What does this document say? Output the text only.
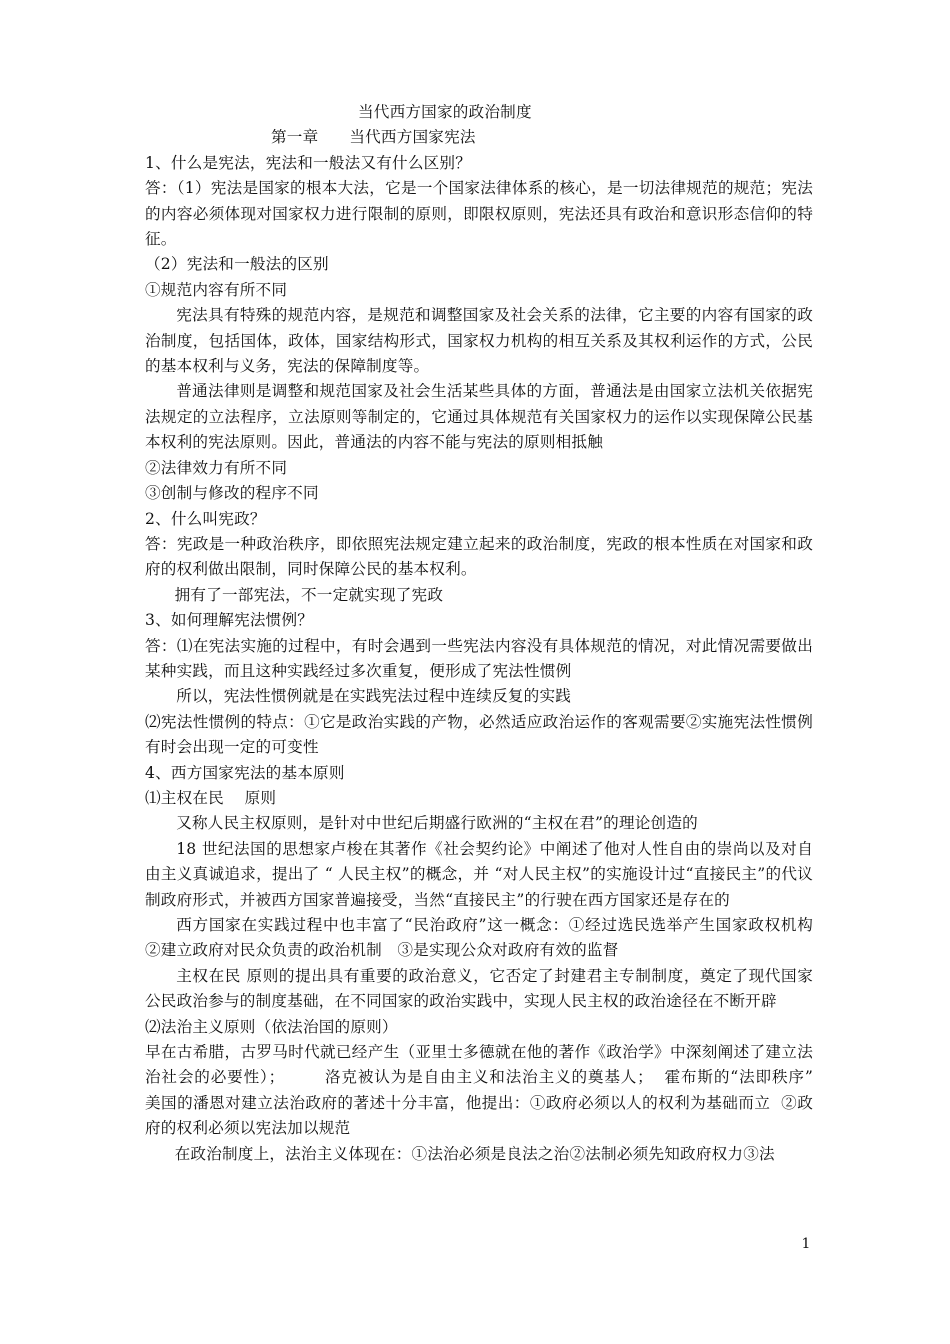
当代西方国家的政治制度

第一章      当代西方国家宪法

1、什么是宪法，宪法和一般法又有什么区别？

答：（1）宪法是国家的根本大法，它是一个国家法律体系的核心，是一切法律规范的规范；宪法的内容必须体现对国家权力进行限制的原则，即限权原则，宪法还具有政治和意识形态信仰的特征。

（2）宪法和一般法的区别

①规范内容有所不同

宪法具有特殊的规范内容，是规范和调整国家及社会关系的法律，它主要的内容有国家的政治制度，包括国体，政体，国家结构形式，国家权力机构的相互关系及其权利运作的方式，公民的基本权利与义务，宪法的保障制度等。

普通法律则是调整和规范国家及社会生活某些具体的方面，普通法是由国家立法机关依据宪法规定的立法程序，立法原则等制定的，它通过具体规范有关国家权力的运作以实现保障公民基本权利的宪法原则。因此，普通法的内容不能与宪法的原则相抵触

②法律效力有所不同

③创制与修改的程序不同

2、什么叫宪政？

答：宪政是一种政治秩序，即依照宪法规定建立起来的政治制度，宪政的根本性质在对国家和政府的权利做出限制，同时保障公民的基本权利。

拥有了一部宪法，不一定就实现了宪政

3、如何理解宪法惯例？

答：⑴在宪法实施的过程中，有时会遇到一些宪法内容没有具体规范的情况，对此情况需要做出某种实践，而且这种实践经过多次重复，便形成了宪法性惯例

所以，宪法性惯例就是在实践宪法过程中连续反复的实践

⑵宪法性惯例的特点：①它是政治实践的产物，必然适应政治运作的客观需要②实施宪法性惯例有时会出现一定的可变性

4、西方国家宪法的基本原则

⑴主权在民    原则

又称人民主权原则，是针对中世纪后期盛行欧洲的“主权在君”的理论创造的

18 世纪法国的思想家卢梭在其著作《社会契约论》中阐述了他对人性自由的崇尚以及对自由主义真诚追求，提出了 “ 人民主权”的概念，并 “对人民主权”的实施设计过“直接民主”的代议制政府形式，并被西方国家普遍接受，当然“直接民主”的行驶在西方国家还是存在的

西方国家在实践过程中也丰富了“民治政府”这一概念：①经过选民选举产生国家政权机构  ②建立政府对民众负责的政治机制   ③是实现公众对政府有效的监督

主权在民 原则的提出具有重要的政治意义，它否定了封建君主专制制度，奠定了现代国家公民政治参与的制度基础，在不同国家的政治实践中，实现人民主权的政治途径在不断开辟

⑵法治主义原则（依法治国的原则）

早在古希腊，古罗马时代就已经产生（亚里士多德就在他的著作《政治学》中深刻阐述了建立法治社会的必要性）；       洛克被认为是自由主义和法治主义的奠基人；  霍布斯的“法即秩序”    美国的潘恩对建立法治政府的著述十分丰富，他提出：①政府必须以人的权利为基础而立  ②政府的权利必须以宪法加以规范

在政治制度上，法治主义体现在：①法治必须是良法之治②法制必须先知政府权力③法

1
